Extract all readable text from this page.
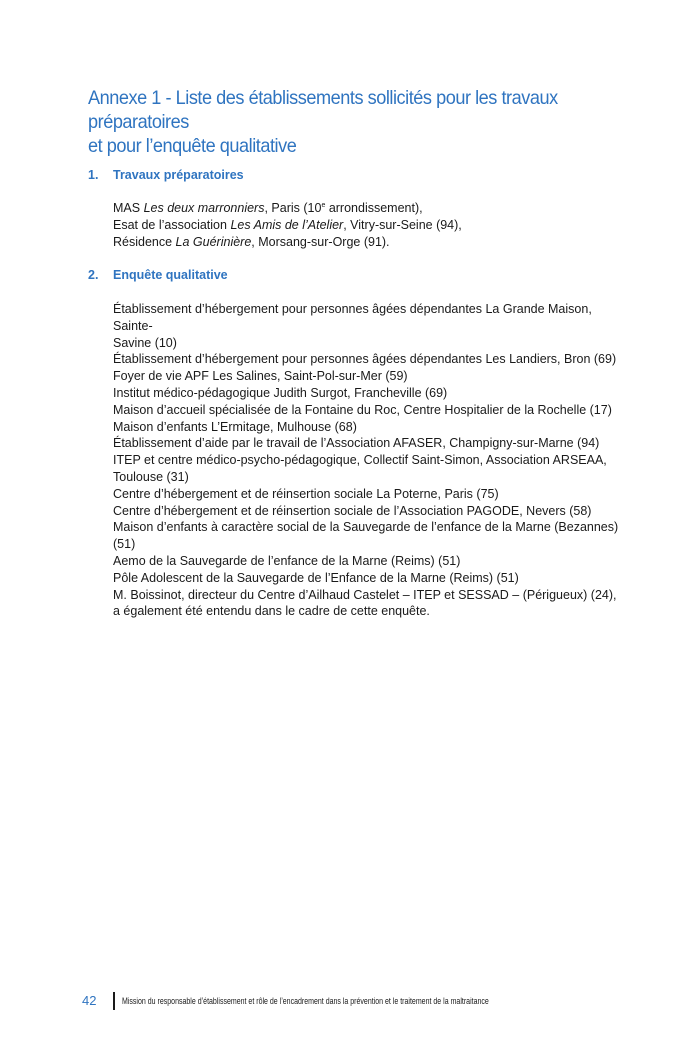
Annexe 1 - Liste des établissements sollicités pour les travaux préparatoires
et pour l’enquête qualitative
1. Travaux préparatoires
MAS Les deux marronniers, Paris (10e arrondissement),
Esat de l’association Les Amis de l’Atelier, Vitry-sur-Seine (94),
Résidence La Guérinière, Morsang-sur-Orge (91).
2. Enquête qualitative
Établissement d’hébergement pour personnes âgées dépendantes La Grande Maison, Sainte-
Savine (10)
Établissement d’hébergement pour personnes âgées dépendantes Les Landiers, Bron (69)
Foyer de vie APF Les Salines, Saint-Pol-sur-Mer (59)
Institut médico-pédagogique Judith Surgot, Francheville (69)
Maison d’accueil spécialisée de la Fontaine du Roc, Centre Hospitalier de la Rochelle (17)
Maison d’enfants L’Ermitage, Mulhouse (68)
Établissement d’aide par le travail de l’Association AFASER, Champigny-sur-Marne (94)
ITEP et centre médico-psycho-pédagogique, Collectif Saint-Simon, Association ARSEAA,
Toulouse (31)
Centre d’hébergement et de réinsertion sociale La Poterne, Paris (75)
Centre d’hébergement et de réinsertion sociale de l’Association PAGODE, Nevers (58)
Maison d’enfants à caractère social de la Sauvegarde de l’enfance de la Marne (Bezannes)
(51)
Aemo de la Sauvegarde de l’enfance de la Marne (Reims) (51)
Pôle Adolescent de la Sauvegarde de l’Enfance de la Marne (Reims) (51)
M. Boissinot, directeur du Centre d’Ailhaud Castelet – ITEP et SESSAD – (Périgueux) (24),
a également été entendu dans le cadre de cette enquête.
42	Mission du responsable d’établissement et rôle de l’encadrement dans la prévention et le traitement de la maltraitance
